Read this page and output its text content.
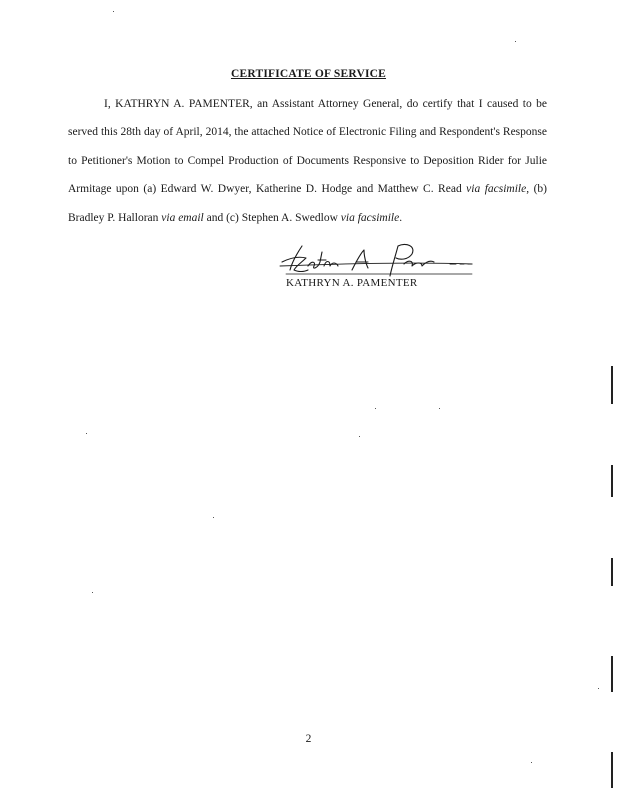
CERTIFICATE OF SERVICE

I, KATHRYN A. PAMENTER, an Assistant Attorney General, do certify that I caused to be served this 28th day of April, 2014, the attached Notice of Electronic Filing and Respondent's Response to Petitioner's Motion to Compel Production of Documents Responsive to Deposition Rider for Julie Armitage upon (a) Edward W. Dwyer, Katherine D. Hodge and Matthew C. Read via facsimile, (b) Bradley P. Halloran via email and (c) Stephen A. Swedlow via facsimile.

KATHRYN A. PAMENTER
2
